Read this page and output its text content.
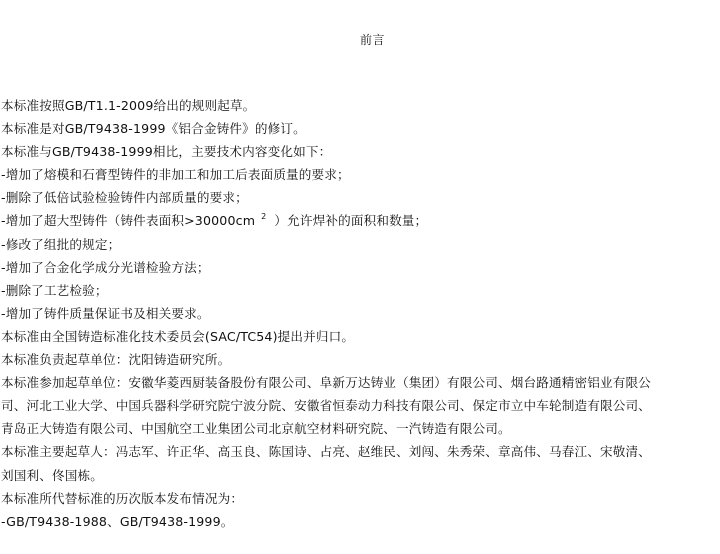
前言
本标准按照GB/T1.1-2009给出的规则起草。
本标准是对GB/T9438-1999《铝合金铸件》的修订。
本标准与GB/T9438-1999相比，主要技术内容变化如下：
-增加了熔模和石膏型铸件的非加工和加工后表面质量的要求；
-删除了低倍试验检验铸件内部质量的要求；
-增加了超大型铸件（铸件表面积>30000cm $^2$ ）允许焊补的面积和数量；
-修改了组批的规定；
-增加了合金化学成分光谱检验方法；
-删除了工艺检验；
-增加了铸件质量保证书及相关要求。
本标准由全国铸造标准化技术委员会(SAC/TC54)提出并归口。
本标准负责起草单位：沈阳铸造研究所。
本标准参加起草单位：安徽华菱西厨装备股份有限公司、阜新万达铸业（集团）有限公司、烟台路通精密铝业有限公
司、河北工业大学、中国兵器科学研究院宁波分院、安徽省恒泰动力科技有限公司、保定市立中车轮制造有限公司、
青岛正大铸造有限公司、中国航空工业集团公司北京航空材料研究院、一汽铸造有限公司。
本标准主要起草人：冯志军、许正华、高玉良、陈国诗、占亮、赵维民、刘闯、朱秀荣、章高伟、马春江、宋敬清、
刘国利、佟国栋。
本标准所代替标准的历次版本发布情况为：
-GB/T9438-1988、GB/T9438-1999。
